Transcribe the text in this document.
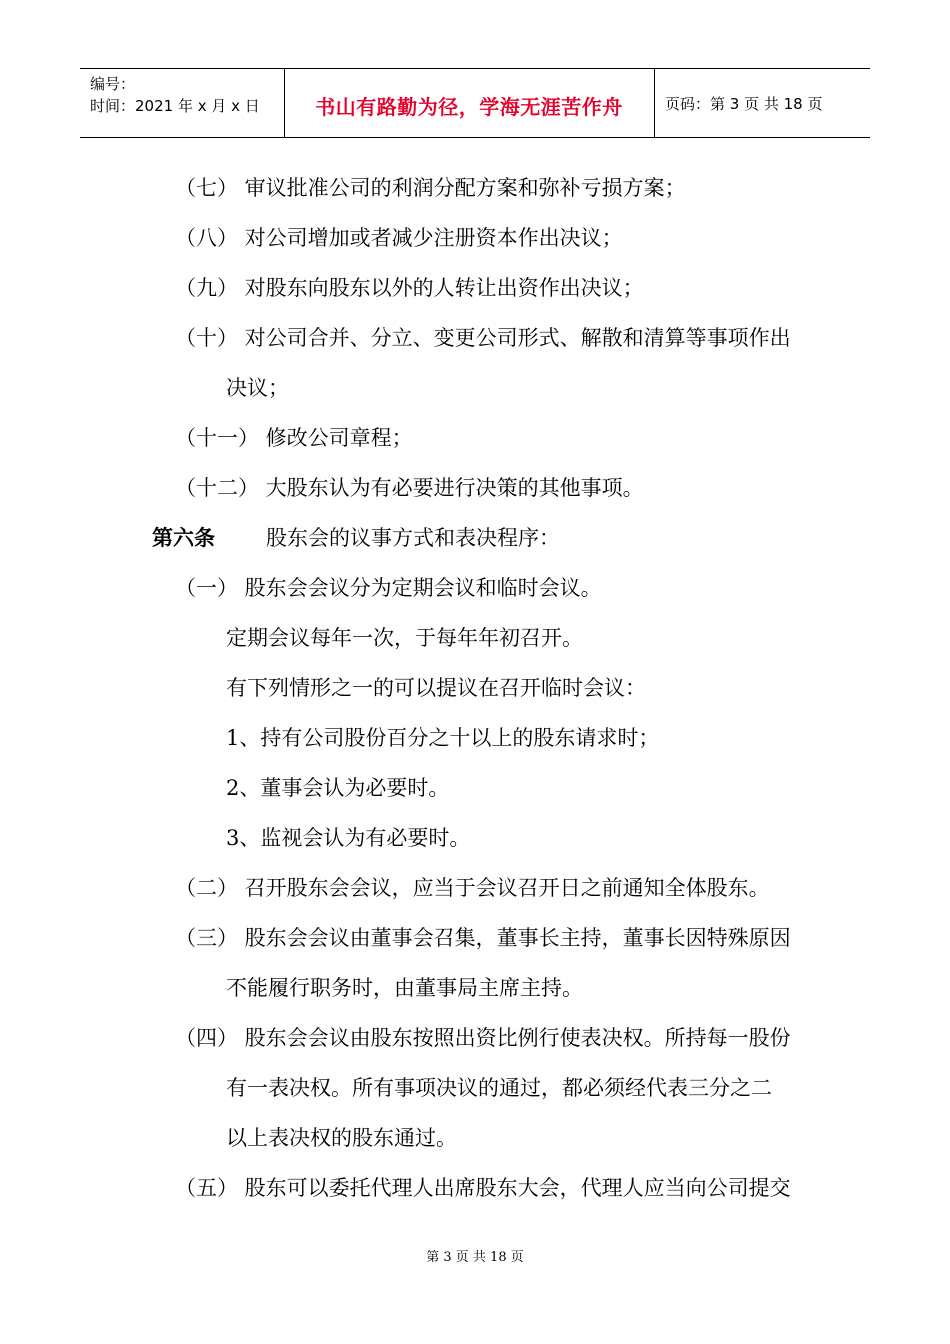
编号：
时间：2021 年 x 月 x 日	书山有路勤为径，学海无涯苦作舟	页码：第 3 页 共 18 页
（七） 审议批准公司的利润分配方案和弥补亏损方案；
（八） 对公司增加或者减少注册资本作出决议；
（九） 对股东向股东以外的人转让出资作出决议；
（十） 对公司合并、分立、变更公司形式、解散和清算等事项作出
决议；
（十一） 修改公司章程；
（十二） 大股东认为有必要进行决策的其他事项。
第六条 股东会的议事方式和表决程序：
（一） 股东会会议分为定期会议和临时会议。
定期会议每年一次，于每年年初召开。
有下列情形之一的可以提议在召开临时会议：
1、持有公司股份百分之十以上的股东请求时；
2、董事会认为必要时。
3、监视会认为有必要时。
（二） 召开股东会会议，应当于会议召开日之前通知全体股东。
（三） 股东会会议由董事会召集，董事长主持，董事长因特殊原因
不能履行职务时，由董事局主席主持。
（四） 股东会会议由股东按照出资比例行使表决权。所持每一股份
有一表决权。所有事项决议的通过，都必须经代表三分之二
以上表决权的股东通过。
（五） 股东可以委托代理人出席股东大会，代理人应当向公司提交
第 3 页 共 18 页
